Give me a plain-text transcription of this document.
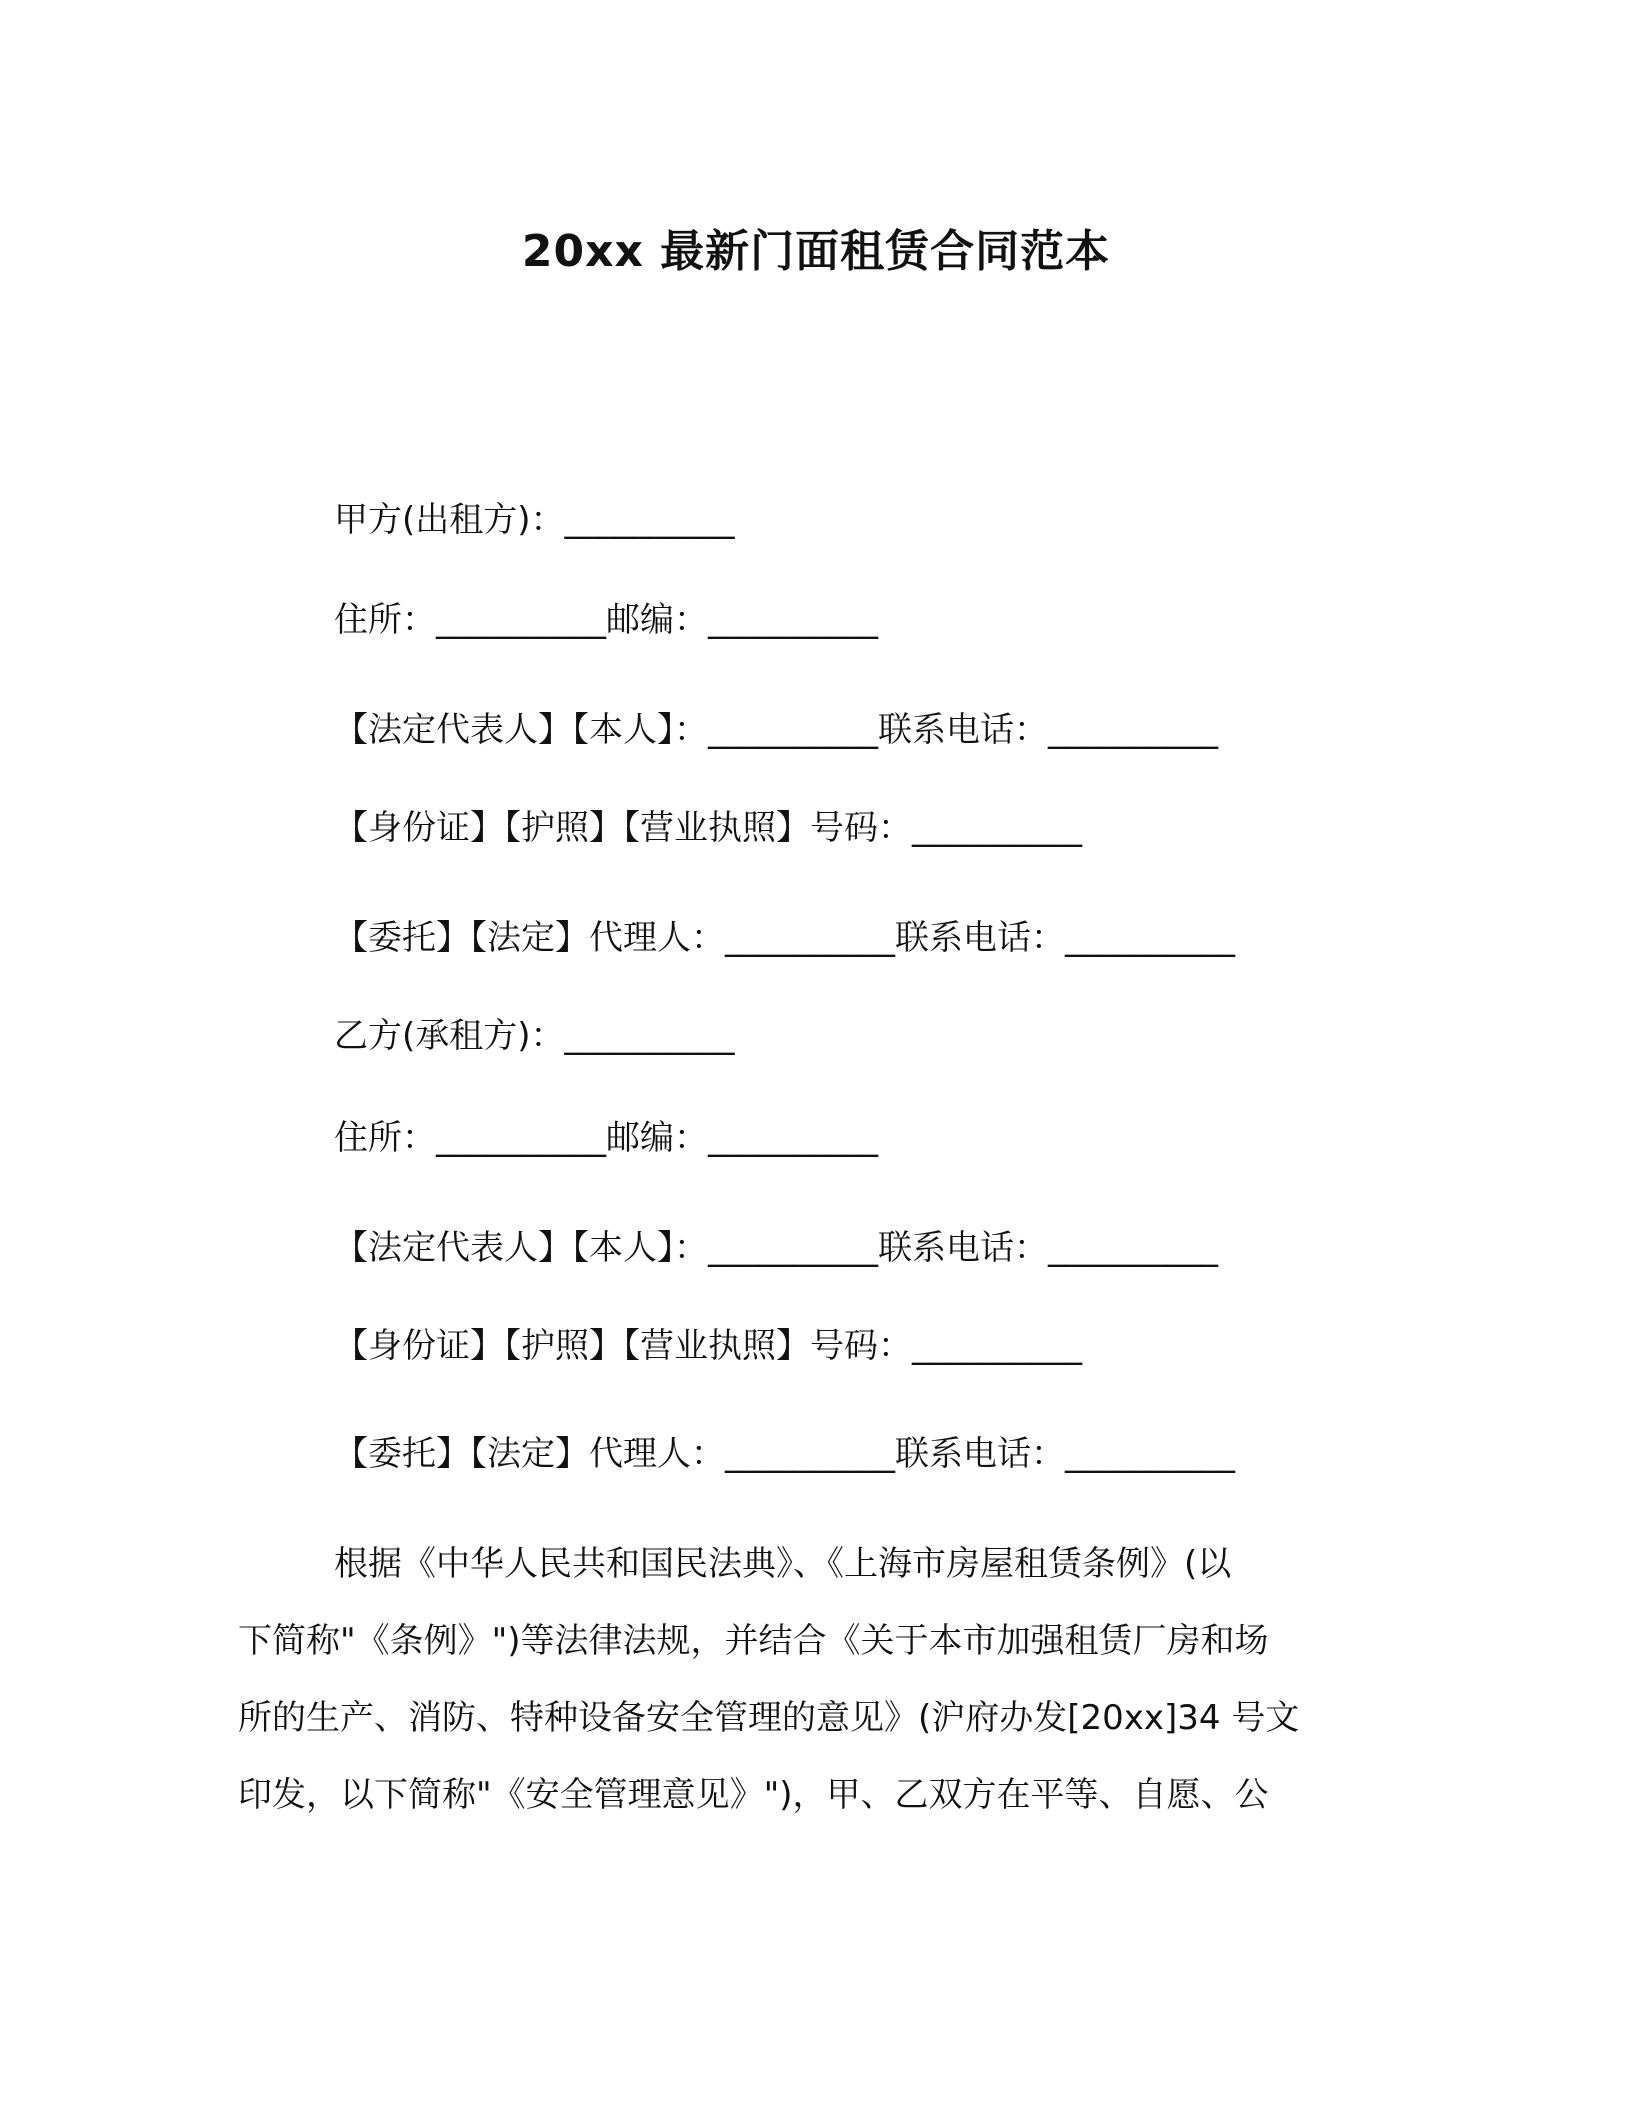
20xx 最新门面租赁合同范本
甲方(出租方)：__________
住所：__________邮编：__________
【法定代表人】【本人】：__________联系电话：__________
【身份证】【护照】【营业执照】号码：__________
【委托】【法定】代理人：__________联系电话：__________
乙方(承租方)：__________
住所：__________邮编：__________
【法定代表人】【本人】：__________联系电话：__________
【身份证】【护照】【营业执照】号码：__________
【委托】【法定】代理人：__________联系电话：__________
根据《中华人民共和国民法典》、《上海市房屋租赁条例》(以
下简称"《条例》")等法律法规，并结合《关于本市加强租赁厂房和场
所的生产、消防、特种设备安全管理的意见》(沪府办发[20xx]34 号文
印发，以下简称"《安全管理意见》")，甲、乙双方在平等、自愿、公
